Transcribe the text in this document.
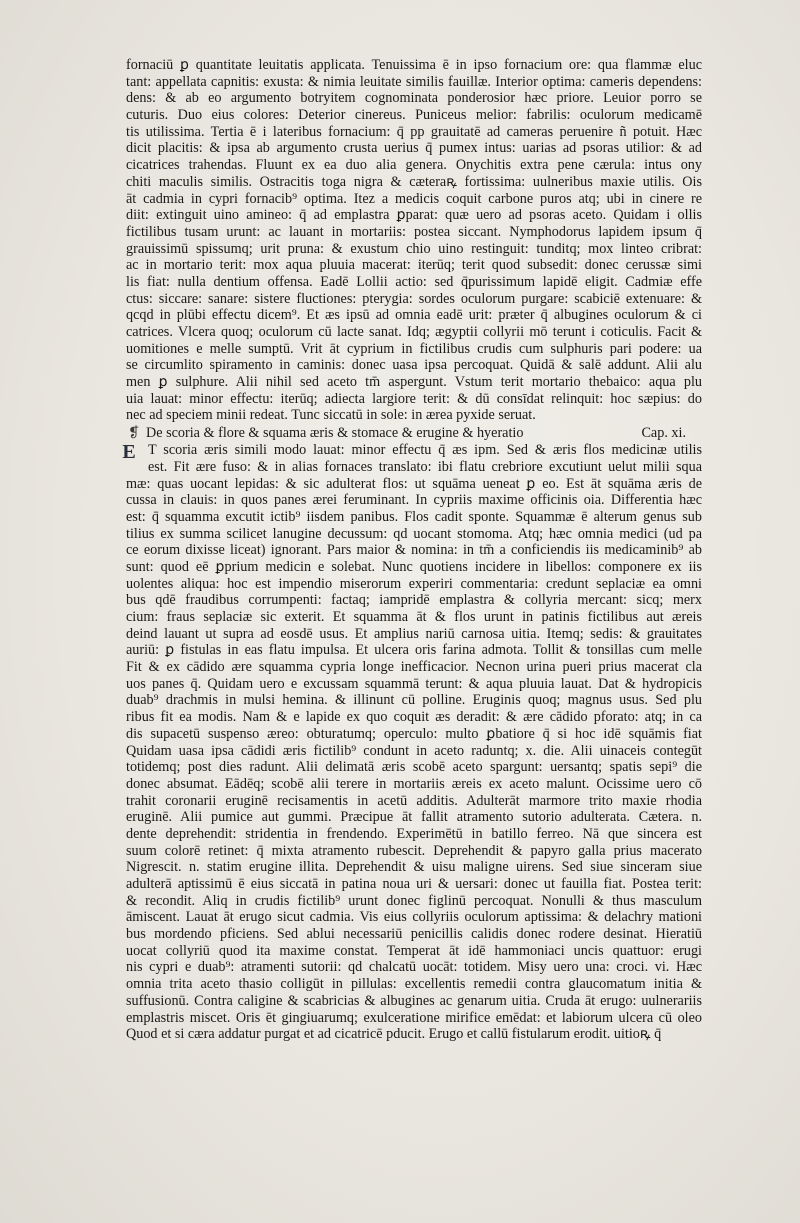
fornaciū ꝑ quantitate leuitatis applicata. Tenuissima ē in ipso fornacium ore: qua flammæ eluc
tant: appellata capnitis: exusta: & nimia leuitate similis fauillæ. Interior optima: cameris dependens:
dens: & ab eo argumento botryitem cognominata ponderosior hæc priore. Leuior porro se
cuturis. Duo eius colores: Deterior cinereus. Puniceus melior: fabrilis: oculorum medicamē
tis utilissima. Tertia ē i lateribus fornacium: q̄ pp grauitatē ad cameras peruenire ñ potuit. Hæc
dicit placitis: & ipsa ab argumento crusta uerius q̄ pumex intus: uarias ad psoras utilior: & ad
cicatrices trahendas. Fluunt ex ea duo alia genera. Onychitis extra pene cærula: intus ony
chiti maculis similis. Ostracitis toga nigra & cæteraꝶ fortissima: uulneribus maxie utilis. Ois
āt cadmia in cypri fornacib⁹ optima. Itez a medicis coquit carbone puros atq; ubi in cinere re
diit: extinguit uino amineo: q̄ ad emplastra ꝑparat: quæ uero ad psoras aceto. Quidam i ollis
fictilibus tusam urunt: ac lauant in mortariis: postea siccant. Nymphodorus lapidem ipsum q̄
grauissimū spissumq; urit pruna: & exustum chio uino restinguit: tunditq; mox linteo cribrat:
ac in mortario terit: mox aqua pluuia macerat: iterūq; terit quod subsedit: donec cerussæ simi
lis fiat: nulla dentium offensa. Eadē Lollii actio: sed q̄purissimum lapidē eligit. Cadmiæ effe
ctus: siccare: sanare: sistere fluctiones: pterygia: sordes oculorum purgare: scabiciē extenuare: &
qcqd in plūbi effectu dicem⁹. Et æs ipsū ad omnia eadē urit: præter q̄ albugines oculorum & ci
catrices. Vlcera quoq; oculorum cū lacte sanat. Idq; ægyptii collyrii mō terunt i coticulis. Facit &
uomitiones e melle sumptū. Vrit āt cyprium in fictilibus crudis cum sulphuris pari podere: ua
se circumlito spiramento in caminis: donec uasa ipsa percoquat. Quidā & salē addunt. Alii alu
men ꝑ sulphure. Alii nihil sed aceto tm̄ aspergunt. Vstum terit mortario thebaico: aqua plu
uia lauat: minor effectu: iterūq; adiecta largiore terit: & dū consīdat relinquit: hoc sæpius: do
nec ad speciem minii redeat. Tunc siccatū in sole: in ærea pyxide seruat.
❡ De scoria & flore & squama æris & stomace & erugine & hyeratio	Cap. xi.
E T scoria æris simili modo lauat: minor effectu q̄ æs ipm. Sed & æris flos medicinæ utilis
est. Fit ære fuso: & in alias fornaces translato: ibi flatu crebriore excutiunt uelut milii squa
mæ: quas uocant lepidas: & sic adulterat flos: ut squāma ueneat ꝑ eo. Est āt squāma æris de
cussa in clauis: in quos panes ærei feruminant. In cypriis maxime officinis oia. Differentia hæc
est: q̄ squamma excutit ictib⁹ iisdem panibus. Flos cadit sponte. Squammæ ē alterum genus sub
tilius ex summa scilicet lanugine decussum: qd uocant stomoma. Atq; hæc omnia medici (ud pa
ce eorum dixisse liceat) ignorant. Pars maior & nomina: in tm̄ a conficiendis iis medicaminib⁹ ab
sunt: quod eē ꝑprium medicin e solebat. Nunc quotiens incidere in libellos: componere ex iis
uolentes aliqua: hoc est impendio miserorum experiri commentaria: credunt seplaciæ ea omni
bus qdē fraudibus corrumpenti: factaq; iampridē emplastra & collyria mercant: sicq; merx
cium: fraus seplaciæ sic exterit. Et squamma āt & flos urunt in patinis fictilibus aut æreis
deind lauant ut supra ad eosdē usus. Et amplius nariū carnosa uitia. Itemq; sedis: & grauitates
auriū: ꝑ fistulas in eas flatu impulsa. Et ulcera oris farina admota. Tollit & tonsillas cum melle
Fit & ex cādido ære squamma cypria longe inefficacior. Necnon urina pueri prius macerat cla
uos panes q̄. Quidam uero e excussam squammā terunt: & aqua pluuia lauat. Dat & hydropicis
duab⁹ drachmis in mulsi hemina. & illinunt cū polline. Eruginis quoq; magnus usus. Sed plu
ribus fit ea modis. Nam & e lapide ex quo coquit æs deradit: & ære cādido pforato: atq; in ca
dis supacetū suspenso æreo: obturatumq; operculo: multo ꝑbatiore q̄ si hoc idē squāmis fiat
Quidam uasa ipsa cādidi æris fictilib⁹ condunt in aceto raduntq; x. die. Alii uinaceis contegūt
totidemq; post dies radunt. Alii delimatā æris scobē aceto spargunt: uersantq; spatis sepi⁹ die
donec absumat. Eādēq; scobē alii terere in mortariis æreis ex aceto malunt. Ocissime uero cō
trahit coronarii eruginē recisamentis in acetū additis. Adulterāt marmore trito maxie rhodia
eruginē. Alii pumice aut gummi. Præcipue āt fallit atramento sutorio adulterata. Cætera. n.
dente deprehendit: stridentia in frendendo. Experimētū in batillo ferreo. Nā que sincera est
suum colorē retinet: q̄ mixta atramento rubescit. Deprehendit & papyro galla prius macerato
Nigrescit. n. statim erugine illita. Deprehendit & uisu maligne uirens. Sed siue sinceram siue
adulterā aptissimū ē eius siccatā in patina noua uri & uersari: donec ut fauilla fiat. Postea terit:
& recondit. Aliq in crudis fictilib⁹ urunt donec figlinū percoquat. Nonulli & thus masculum
āmiscent. Lauat āt erugo sicut cadmia. Vis eius collyriis oculorum aptissima: & delachry mationi
bus mordendo pficiens. Sed ablui necessariū penicillis calidis donec rodere desinat. Hieratiū
uocat collyriū quod ita maxime constat. Temperat āt idē hammoniaci uncis quattuor: erugi
nis cypri e duab⁹: atramenti sutorii: qd chalcatū uocāt: totidem. Misy uero una: croci. vi. Hæc
omnia trita aceto thasio colligūt in pillulas: excellentis remedii contra glaucomatum initia &
suffusionū. Contra caligine & scabricias & albugines ac genarum uitia. Cruda āt erugo: uulnerariis
emplastris miscet. Oris ēt gingiuarumq; exulceratione mirifice emēdat: et labiorum ulcera cū oleo
Quod et si cæra addatur purgat et ad cicatricē pducit. Erugo et callū fistularum erodit. uitioꝶ q̄
